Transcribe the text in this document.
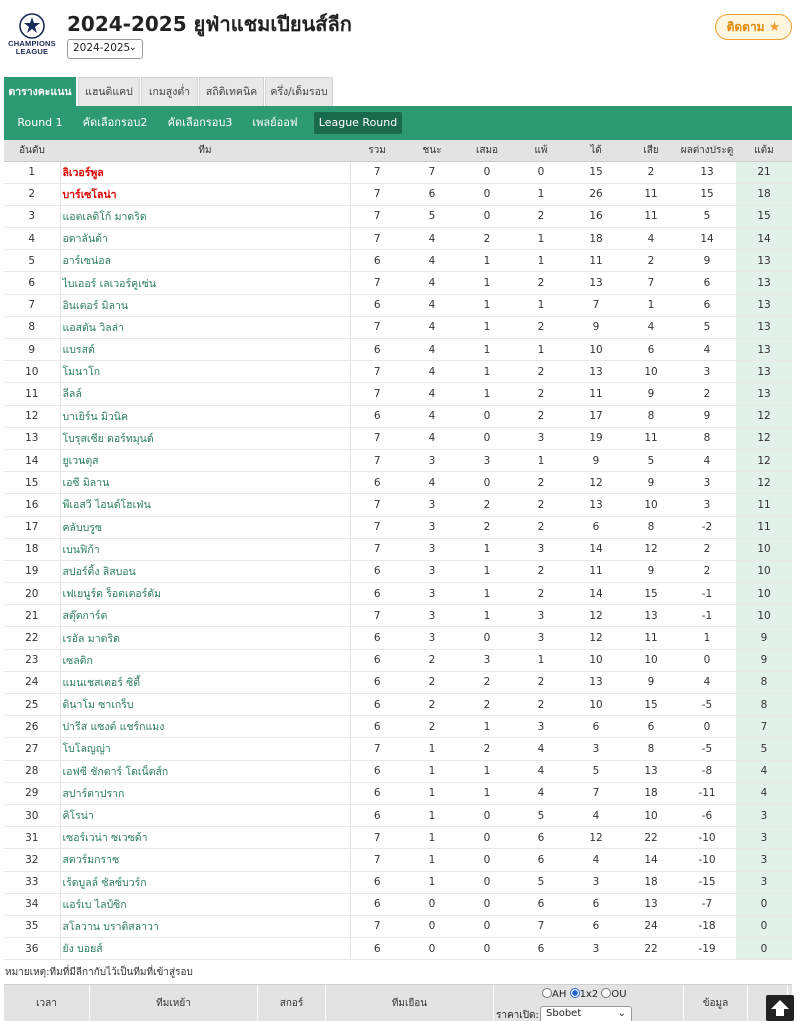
CHAMPIONS
LEAGUE
2024-2025 ยูฟ่าแชมเปียนส์ลีก
2024-2025
⌄
ติดตาม ★
ตารางคะแนน	แฮนดิแคป	เกมสูงต่ำ	สถิติเทคนิค	ครึ่ง/เต็มรอบ
Round 1	คัดเลือกรอบ2	คัดเลือกรอบ3	เพลย์ออฟ	League Round
อันดับ	ทีม	รวม	ชนะ	เสมอ	แพ้	ได้	เสีย	ผลต่างประตู	แต้ม
1	ลิเวอร์พูล	7	7	0	0	15	2	13	21
2	บาร์เซโลน่า	7	6	0	1	26	11	15	18
3	แอตเลติโก้ มาดริด	7	5	0	2	16	11	5	15
4	อตาลันต้า	7	4	2	1	18	4	14	14
5	อาร์เซน่อล	6	4	1	1	11	2	9	13
6	ไบเออร์ เลเวอร์คูเซ่น	7	4	1	2	13	7	6	13
7	อินเตอร์ มิลาน	6	4	1	1	7	1	6	13
8	แอสตัน วิลล่า	7	4	1	2	9	4	5	13
9	แบรสต์	6	4	1	1	10	6	4	13
10	โมนาโก	7	4	1	2	13	10	3	13
11	ลีลล์	7	4	1	2	11	9	2	13
12	บาเยิร์น มิวนิค	6	4	0	2	17	8	9	12
13	โบรุสเซีย ดอร์ทมุนด์	7	4	0	3	19	11	8	12
14	ยูเวนตุส	7	3	3	1	9	5	4	12
15	เอซี มิลาน	6	4	0	2	12	9	3	12
16	พีเอสวี ไอนด์โฮเฟ่น	7	3	2	2	13	10	3	11
17	คลับบรูซ	7	3	2	2	6	8	-2	11
18	เบนฟิก้า	7	3	1	3	14	12	2	10
19	สปอร์ติ้ง ลิสบอน	6	3	1	2	11	9	2	10
20	เฟเยนูร์ด ร็อตเตอร์ดัม	6	3	1	2	14	15	-1	10
21	สตุ๊ตการ์ต	7	3	1	3	12	13	-1	10
22	เรอัล มาดริด	6	3	0	3	12	11	1	9
23	เซลติก	6	2	3	1	10	10	0	9
24	แมนเชสเตอร์ ซิตี้	6	2	2	2	13	9	4	8
25	ดินาโม ซาเกร็บ	6	2	2	2	10	15	-5	8
26	ปารีส แซงต์ แชร์กแมง	6	2	1	3	6	6	0	7
27	โบโลญญ่า	7	1	2	4	3	8	-5	5
28	เอฟซี ชักตาร์ โดเน็ตส์ก	6	1	1	4	5	13	-8	4
29	สปาร์ตาปราก	6	1	1	4	7	18	-11	4
30	คิโรน่า	6	1	0	5	4	10	-6	3
31	เซอร์เวน่า ซเวซด้า	7	1	0	6	12	22	-10	3
32	สตวร์มกราซ	7	1	0	6	4	14	-10	3
33	เร้ดบูลล์ ซัลซ์บวร์ก	6	1	0	5	3	18	-15	3
34	แอร์เบ ไลป์ซิก	6	0	0	6	6	13	-7	0
35	สโลวาน บราติสลาวา	7	0	0	7	6	24	-18	0
36	ยัง บอยส์	6	0	0	6	3	22	-19	0
หมายเหตุ:ทีมที่มีลีกากับไว้เป็นทีมที่เข้าสู่รอบ
เวลา	ทีมเหย้า	สกอร์	ทีมเยือน
AH 1x2 OU
ราคาเปิด: Sbobet	⌄
ข้อมูล
